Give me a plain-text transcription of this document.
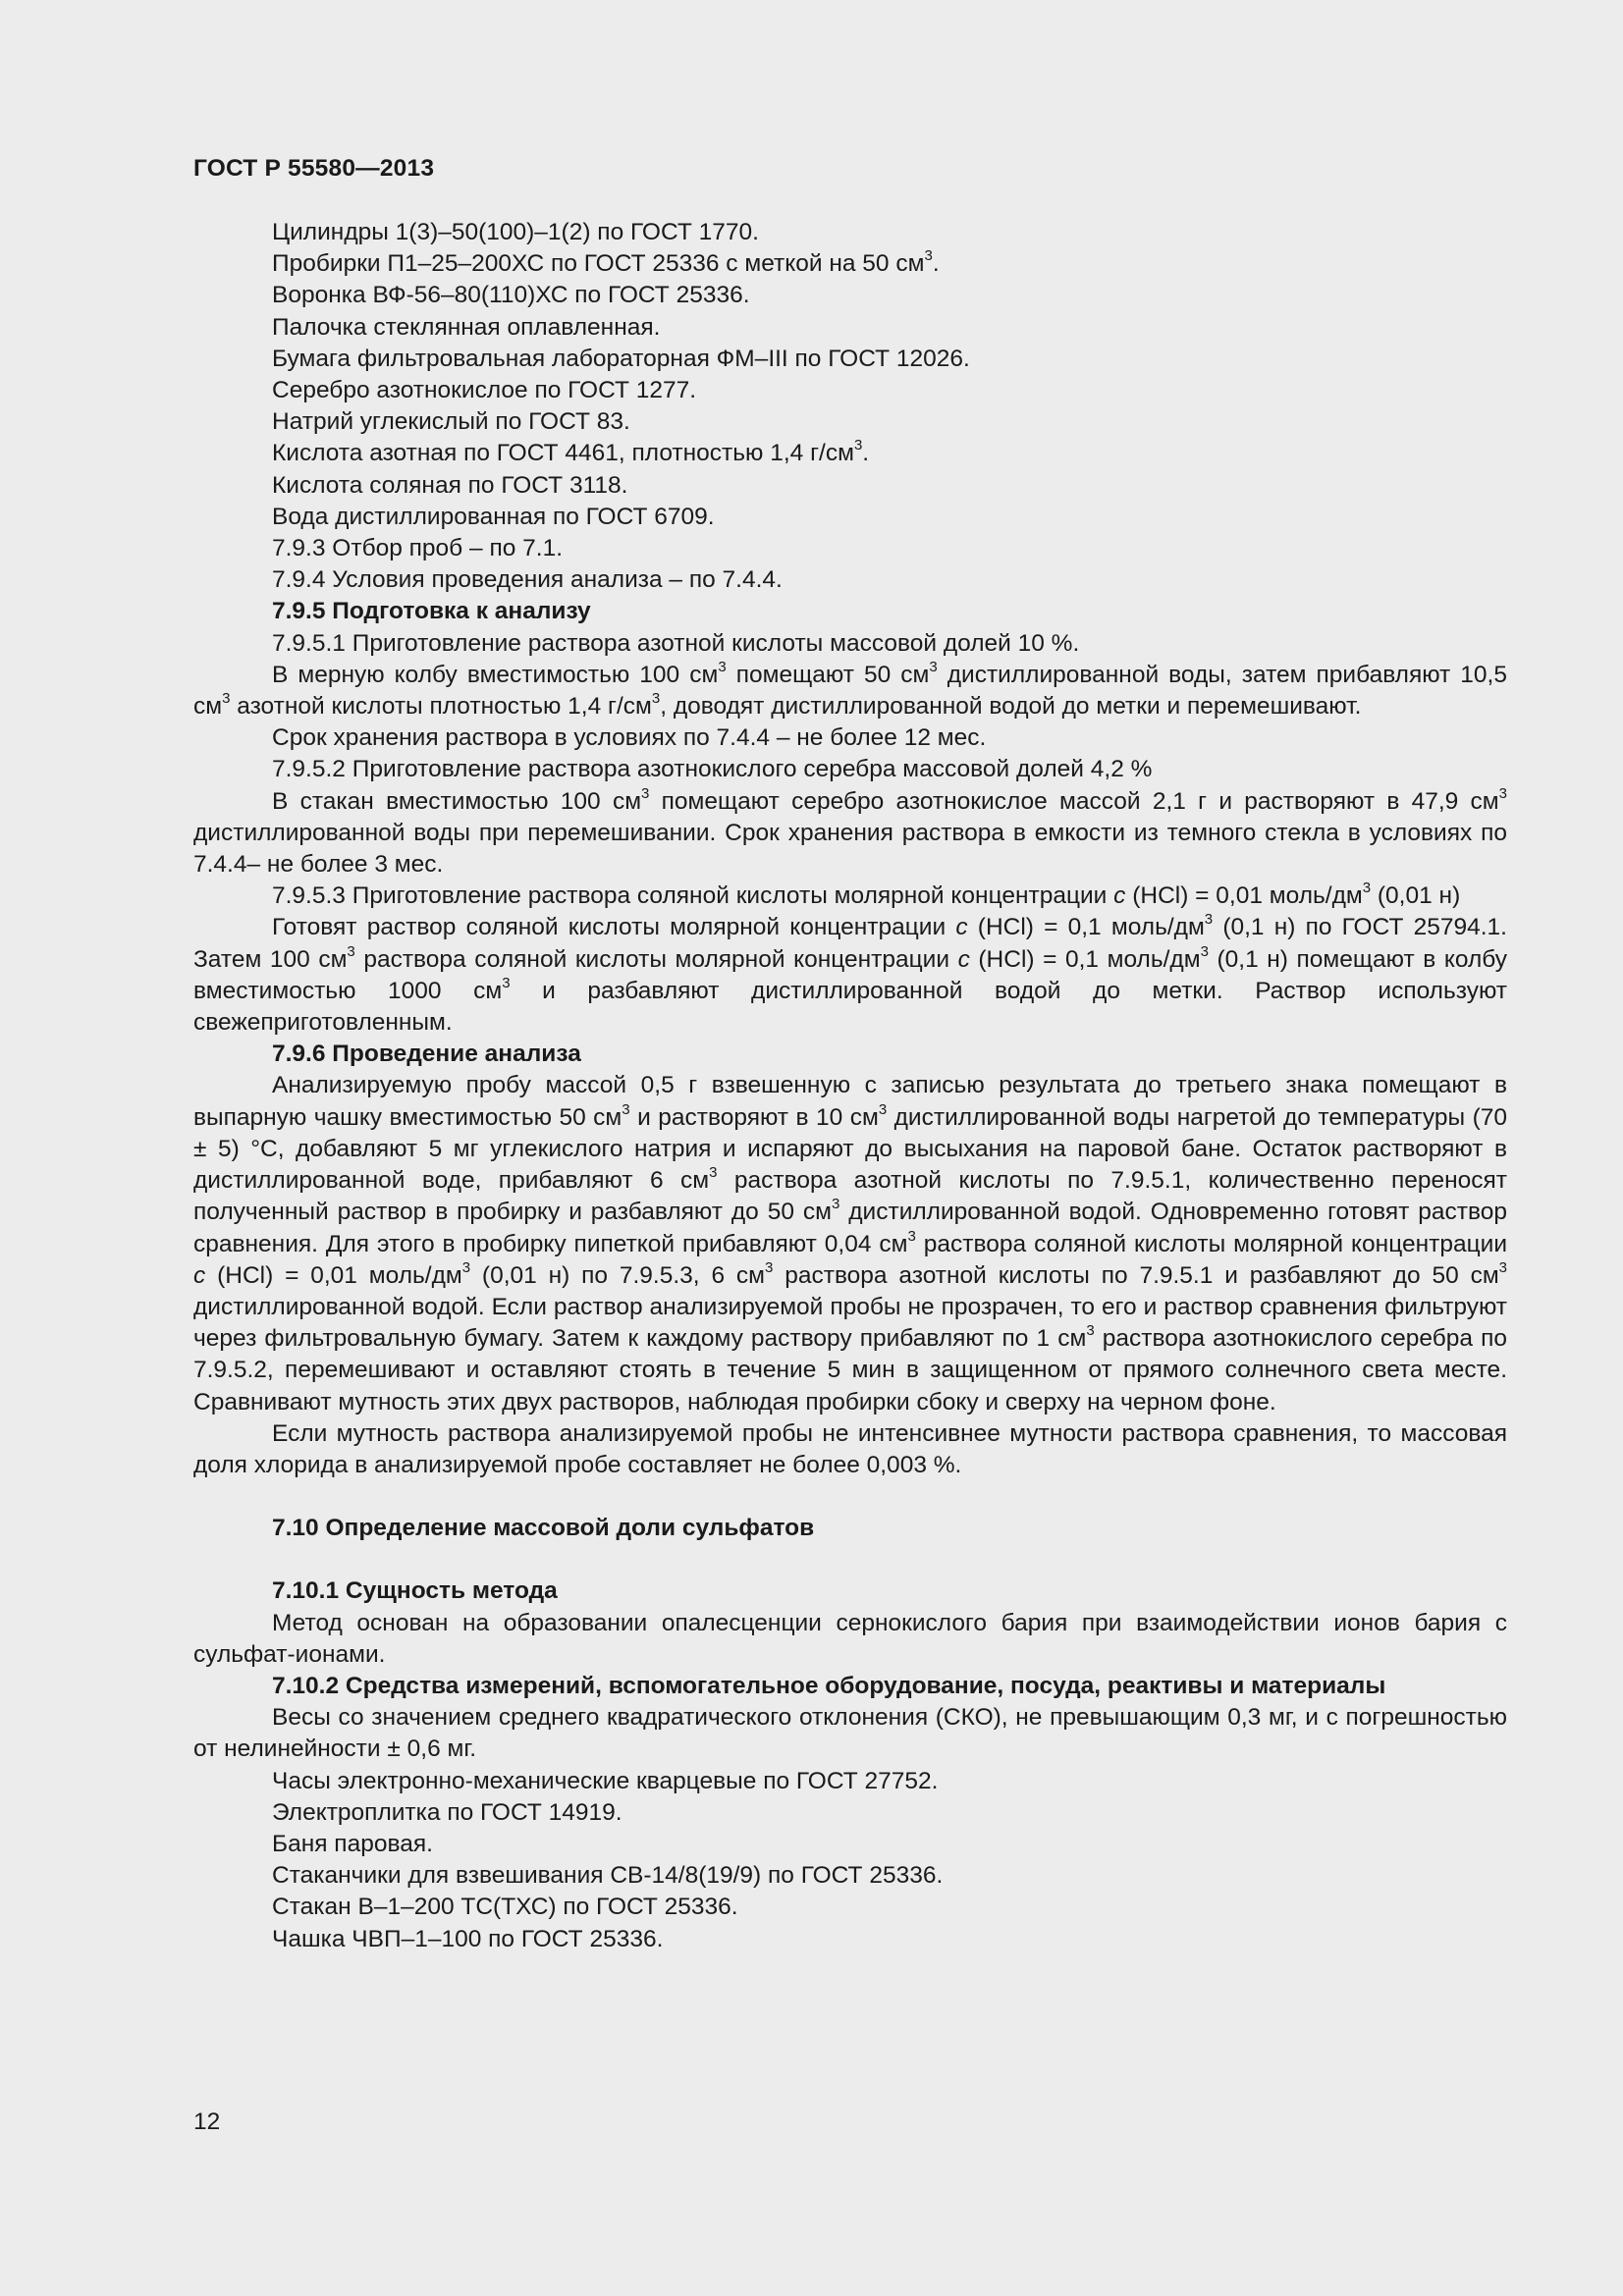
ГОСТ Р 55580—2013

Цилиндры 1(3)–50(100)–1(2) по ГОСТ 1770.

Пробирки П1–25–200ХС по ГОСТ 25336 с меткой на 50 $см^3$.

Воронка ВФ-56–80(110)ХС по ГОСТ 25336.

Палочка стеклянная оплавленная.

Бумага фильтровальная лабораторная ФМ–III по ГОСТ 12026.

Серебро азотнокислое по ГОСТ 1277.

Натрий углекислый по ГОСТ 83.

Кислота азотная по ГОСТ 4461, плотностью 1,4 $г/см^3$.

Кислота соляная по ГОСТ 3118.

Вода дистиллированная по ГОСТ 6709.

7.9.3 Отбор проб – по 7.1.

7.9.4 Условия проведения анализа – по 7.4.4.

7.9.5 Подготовка к анализу

7.9.5.1 Приготовление раствора азотной кислоты массовой долей 10 %.

В мерную колбу вместимостью 100 $см^3$ помещают 50 $см^3$ дистиллированной воды, затем прибавляют 10,5 $см^3$ азотной кислоты плотностью 1,4 $г/см^3$, доводят дистиллированной водой до метки и перемешивают.

Срок хранения раствора в условиях по 7.4.4 – не более 12 мес.

7.9.5.2 Приготовление раствора азотнокислого серебра массовой долей 4,2 %

В стакан вместимостью 100 $см^3$ помещают серебро азотнокислое массой 2,1 г и растворяют в 47,9 $см^3$ дистиллированной воды при перемешивании. Срок хранения раствора в емкости из темного стекла в условиях по 7.4.4– не более 3 мес.

7.9.5.3 Приготовление раствора соляной кислоты молярной концентрации с (HCl) = 0,01 моль/$дм^3$ (0,01 н)

Готовят раствор соляной кислоты молярной концентрации с (HCl) = 0,1 моль/$дм^3$ (0,1 н) по ГОСТ 25794.1. Затем 100 $см^3$ раствора соляной кислоты молярной концентрации с (HCl) = 0,1 моль/$дм^3$ (0,1 н) помещают в колбу вместимостью 1000 $см^3$ и разбавляют дистиллированной водой до метки. Раствор используют свежеприготовленным.

7.9.6 Проведение анализа

Анализируемую пробу массой 0,5 г взвешенную с записью результата до третьего знака помещают в выпарную чашку вместимостью 50 $см^3$ и растворяют в 10 $см^3$ дистиллированной воды нагретой до температуры (70 ± 5) °С, добавляют 5 мг углекислого натрия и испаряют до высыхания на паровой бане. Остаток растворяют в дистиллированной воде, прибавляют 6 $см^3$ раствора азотной кислоты по 7.9.5.1, количественно переносят полученный раствор в пробирку и разбавляют до 50 $см^3$ дистиллированной водой. Одновременно готовят раствор сравнения. Для этого в пробирку пипеткой прибавляют 0,04 $см^3$ раствора соляной кислоты молярной концентрации с (HCl) = 0,01 моль/$дм^3$ (0,01 н) по 7.9.5.3, 6 $см^3$ раствора азотной кислоты по 7.9.5.1 и разбавляют до 50 $см^3$ дистиллированной водой. Если раствор анализируемой пробы не прозрачен, то его и раствор сравнения фильтруют через фильтровальную бумагу. Затем к каждому раствору прибавляют по 1 $см^3$ раствора азотнокислого серебра по 7.9.5.2, перемешивают и оставляют стоять в течение 5 мин в защищенном от прямого солнечного света месте. Сравнивают мутность этих двух растворов, наблюдая пробирки сбоку и сверху на черном фоне.

Если мутность раствора анализируемой пробы не интенсивнее мутности раствора сравнения, то массовая доля хлорида в анализируемой пробе составляет не более 0,003 %.

7.10 Определение массовой доли сульфатов

7.10.1 Сущность метода

Метод основан на образовании опалесценции сернокислого бария при взаимодействии ионов бария с сульфат-ионами.

7.10.2 Средства измерений, вспомогательное оборудование, посуда, реактивы и материалы

Весы со значением среднего квадратического отклонения (СКО), не превышающим 0,3 мг, и с погрешностью от нелинейности ± 0,6 мг.

Часы электронно-механические кварцевые по ГОСТ 27752.

Электроплитка по ГОСТ 14919.

Баня паровая.

Стаканчики для взвешивания СВ-14/8(19/9) по ГОСТ 25336.

Стакан В–1–200 ТС(ТХС) по ГОСТ 25336.

Чашка ЧВП–1–100 по ГОСТ 25336.

12
